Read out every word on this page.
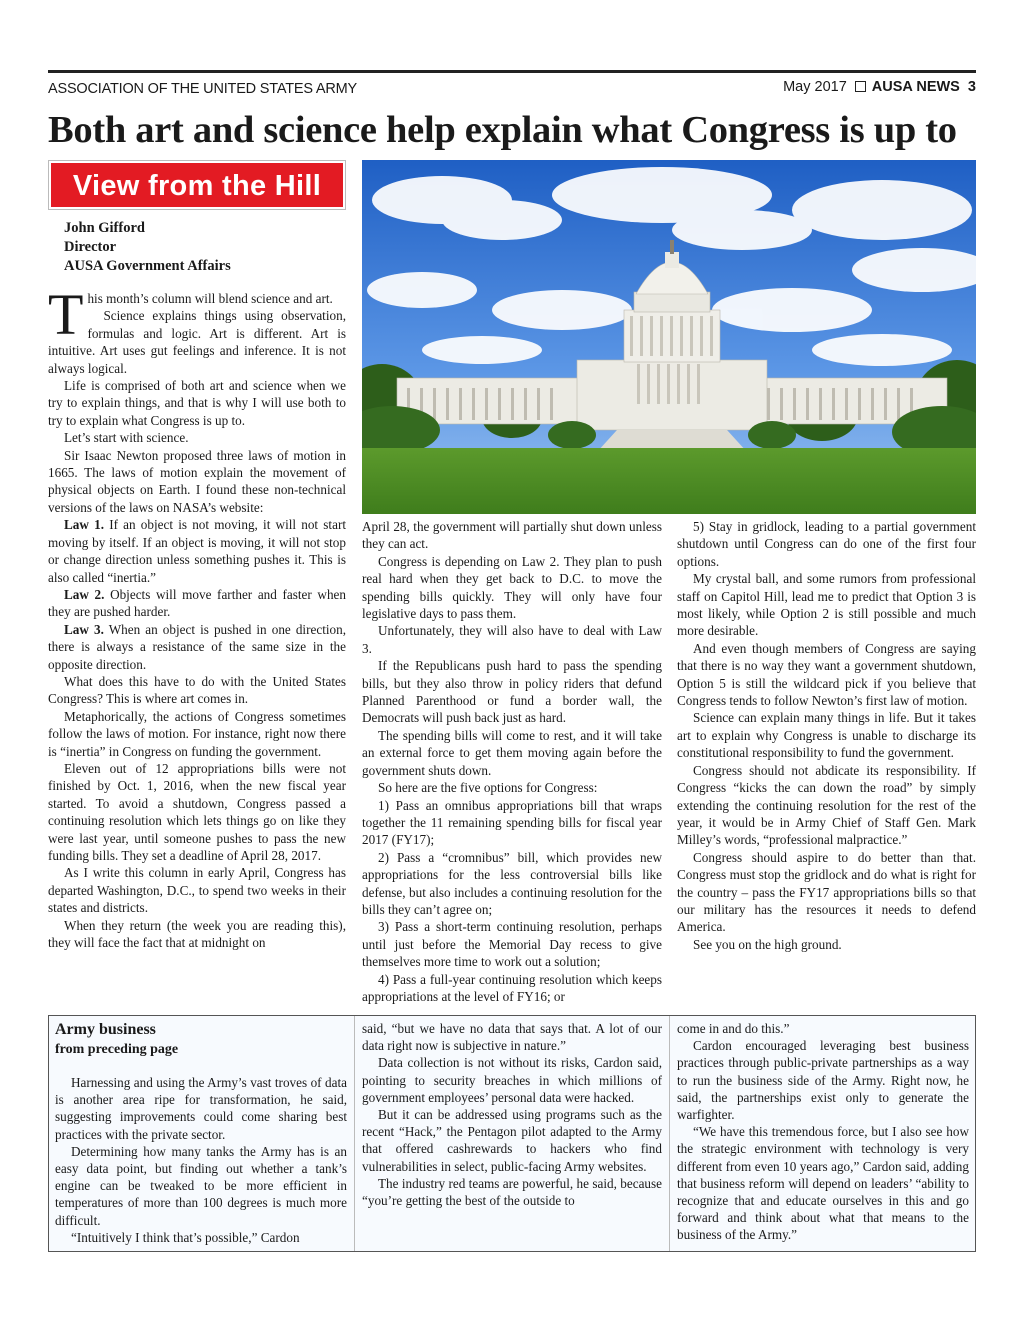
ASSOCIATION OF THE UNITED STATES ARMY	May 2017 AUSA NEWS 3
Both art and science help explain what Congress is up to
View from the Hill
John Gifford
Director
AUSA Government Affairs

This month’s column will blend science and art.

Science explains things using observation, formulas and logic. Art is different. Art is intuitive. Art uses gut feelings and inference. It is not always logical.

Life is comprised of both art and science when we try to explain things, and that is why I will use both to try to explain what Congress is up to.

Let’s start with science.

Sir Isaac Newton proposed three laws of motion in 1665. The laws of motion explain the movement of physical objects on Earth. I found these non-technical versions of the laws on NASA’s website:

Law 1. If an object is not moving, it will not start moving by itself. If an object is moving, it will not stop or change direction unless something pushes it. This is also called “inertia.”

Law 2. Objects will move farther and faster when they are pushed harder.

Law 3. When an object is pushed in one direction, there is always a resistance of the same size in the opposite direction.

What does this have to do with the United States Congress? This is where art comes in.

Metaphorically, the actions of Congress sometimes follow the laws of motion. For instance, right now there is “inertia” in Congress on funding the government.

Eleven out of 12 appropriations bills were not finished by Oct. 1, 2016, when the new fiscal year started. To avoid a shutdown, Congress passed a continuing resolution which lets things go on like they were last year, until someone pushes to pass the new funding bills. They set a deadline of April 28, 2017.

As I write this column in early April, Congress has departed Washington, D.C., to spend two weeks in their states and districts.

When they return (the week you are reading this), they will face the fact that at midnight on

April 28, the government will partially shut down unless they can act.

Congress is depending on Law 2. They plan to push real hard when they get back to D.C. to move the spending bills quickly. They will only have four legislative days to pass them.

Unfortunately, they will also have to deal with Law 3.

If the Republicans push hard to pass the spending bills, but they also throw in policy riders that defund Planned Parenthood or fund a border wall, the Democrats will push back just as hard.

The spending bills will come to rest, and it will take an external force to get them moving again before the government shuts down.

So here are the five options for Congress:

1) Pass an omnibus appropriations bill that wraps together the 11 remaining spending bills for fiscal year 2017 (FY17);

2) Pass a “cromnibus” bill, which provides new appropriations for the less controversial bills like defense, but also includes a continuing resolution for the bills they can’t agree on;

3) Pass a short-term continuing resolution, perhaps until just before the Memorial Day recess to give themselves more time to work out a solution;

4) Pass a full-year continuing resolution which keeps appropriations at the level of FY16; or

5) Stay in gridlock, leading to a partial government shutdown until Congress can do one of the first four options.

My crystal ball, and some rumors from professional staff on Capitol Hill, lead me to predict that Option 3 is most likely, while Option 2 is still possible and much more desirable.

And even though members of Congress are saying that there is no way they want a government shutdown, Option 5 is still the wildcard pick if you believe that Congress tends to follow Newton’s first law of motion.

Science can explain many things in life. But it takes art to explain why Congress is unable to discharge its constitutional responsibility to fund the government.

Congress should not abdicate its responsibility. If Congress “kicks the can down the road” by simply extending the continuing resolution for the rest of the year, it would be in Army Chief of Staff Gen. Mark Milley’s words, “professional malpractice.”

Congress should aspire to do better than that. Congress must stop the gridlock and do what is right for the country – pass the FY17 appropriations bills so that our military has the resources it needs to defend America.

See you on the high ground.

Army business
from preceding page

Harnessing and using the Army’s vast troves of data is another area ripe for transformation, he said, suggesting improvements could come sharing best practices with the private sector.

Determining how many tanks the Army has is an easy data point, but finding out whether a tank’s engine can be tweaked to be more efficient in temperatures of more than 100 degrees is much more difficult.

“Intuitively I think that’s possible,” Cardon

said, “but we have no data that says that. A lot of our data right now is subjective in nature.”

Data collection is not without its risks, Cardon said, pointing to security breaches in which millions of government employees’ personal data were hacked.

But it can be addressed using programs such as the recent “Hack,” the Pentagon pilot adapted to the Army that offered cashrewards to hackers who find vulnerabilities in select, public-facing Army websites.

The industry red teams are powerful, he said, because “you’re getting the best of the outside to

come in and do this.”

Cardon encouraged leveraging best business practices through public-private partnerships as a way to run the business side of the Army. Right now, he said, the partnerships exist only to generate the warfighter.

“We have this tremendous force, but I also see how the strategic environment with technology is very different from even 10 years ago,” Cardon said, adding that business reform will depend on leaders’ “ability to recognize that and educate ourselves in this and go forward and think about what that means to the business of the Army.”
